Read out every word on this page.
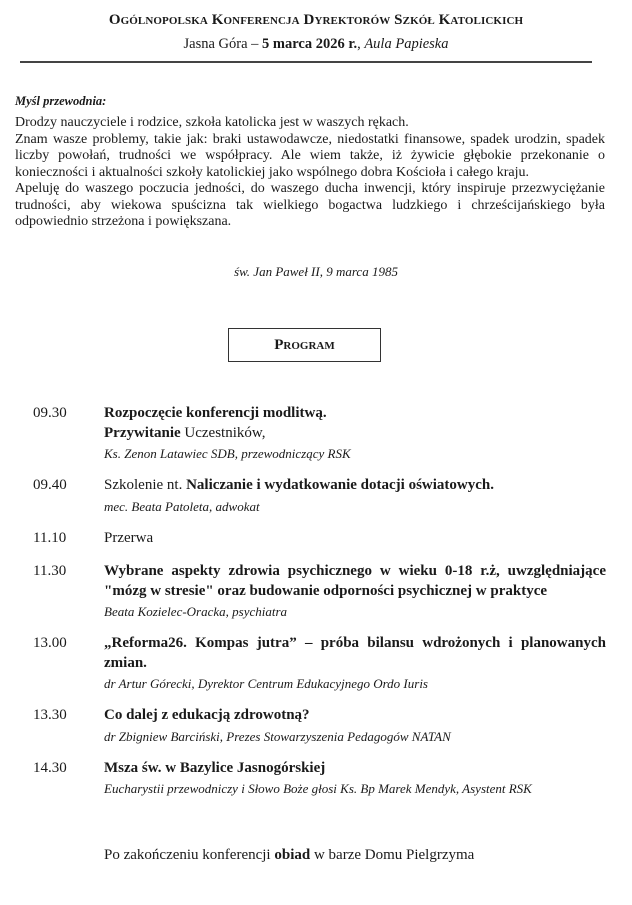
Ogólnopolska Konferencja Dyrektorów Szkół Katolickich
Jasna Góra – 5 marca 2026 r., Aula Papieska
Myśl przewodnia:

Drodzy nauczyciele i rodzice, szkoła katolicka jest w waszych rękach.

Znam wasze problemy, takie jak: braki ustawodawcze, niedostatki finansowe, spadek urodzin, spadek liczby powołań, trudności we współpracy. Ale wiem także, iż żywicie głębokie przekonanie o konieczności i aktualności szkoły katolickiej jako wspólnego dobra Kościoła i całego kraju.

Apeluję do waszego poczucia jedności, do waszego ducha inwencji, który inspiruje przezwyciężanie trudności, aby wiekowa spuścizna tak wielkiego bogactwa ludzkiego i chrześcijańskiego była odpowiednio strzeżona i powiększana.

św. Jan Paweł II, 9 marca 1985
Program
09.30	Rozpoczęcie konferencji modlitwą.
Przywitanie Uczestników,
Ks. Zenon Latawiec SDB, przewodniczący RSK
09.40	Szkolenie nt. Naliczanie i wydatkowanie dotacji oświatowych.
mec. Beata Patoleta, adwokat
11.10	Przerwa
11.30	Wybrane aspekty zdrowia psychicznego w wieku 0-18 r.ż, uwzględniające "mózg w stresie" oraz budowanie odporności psychicznej w praktyce
Beata Kozielec-Oracka, psychiatra
13.00	„Reforma26. Kompas jutra” – próba bilansu wdrożonych i planowanych zmian.
dr Artur Górecki, Dyrektor Centrum Edukacyjnego Ordo Iuris
13.30	Co dalej z edukacją zdrowotną?
dr Zbigniew Barciński, Prezes Stowarzyszenia Pedagogów NATAN
14.30	Msza św. w Bazylice Jasnogórskiej
Eucharystii przewodniczy i Słowo Boże głosi Ks. Bp Marek Mendyk, Asystent RSK
Po zakończeniu konferencji obiad w barze Domu Pielgrzyma
